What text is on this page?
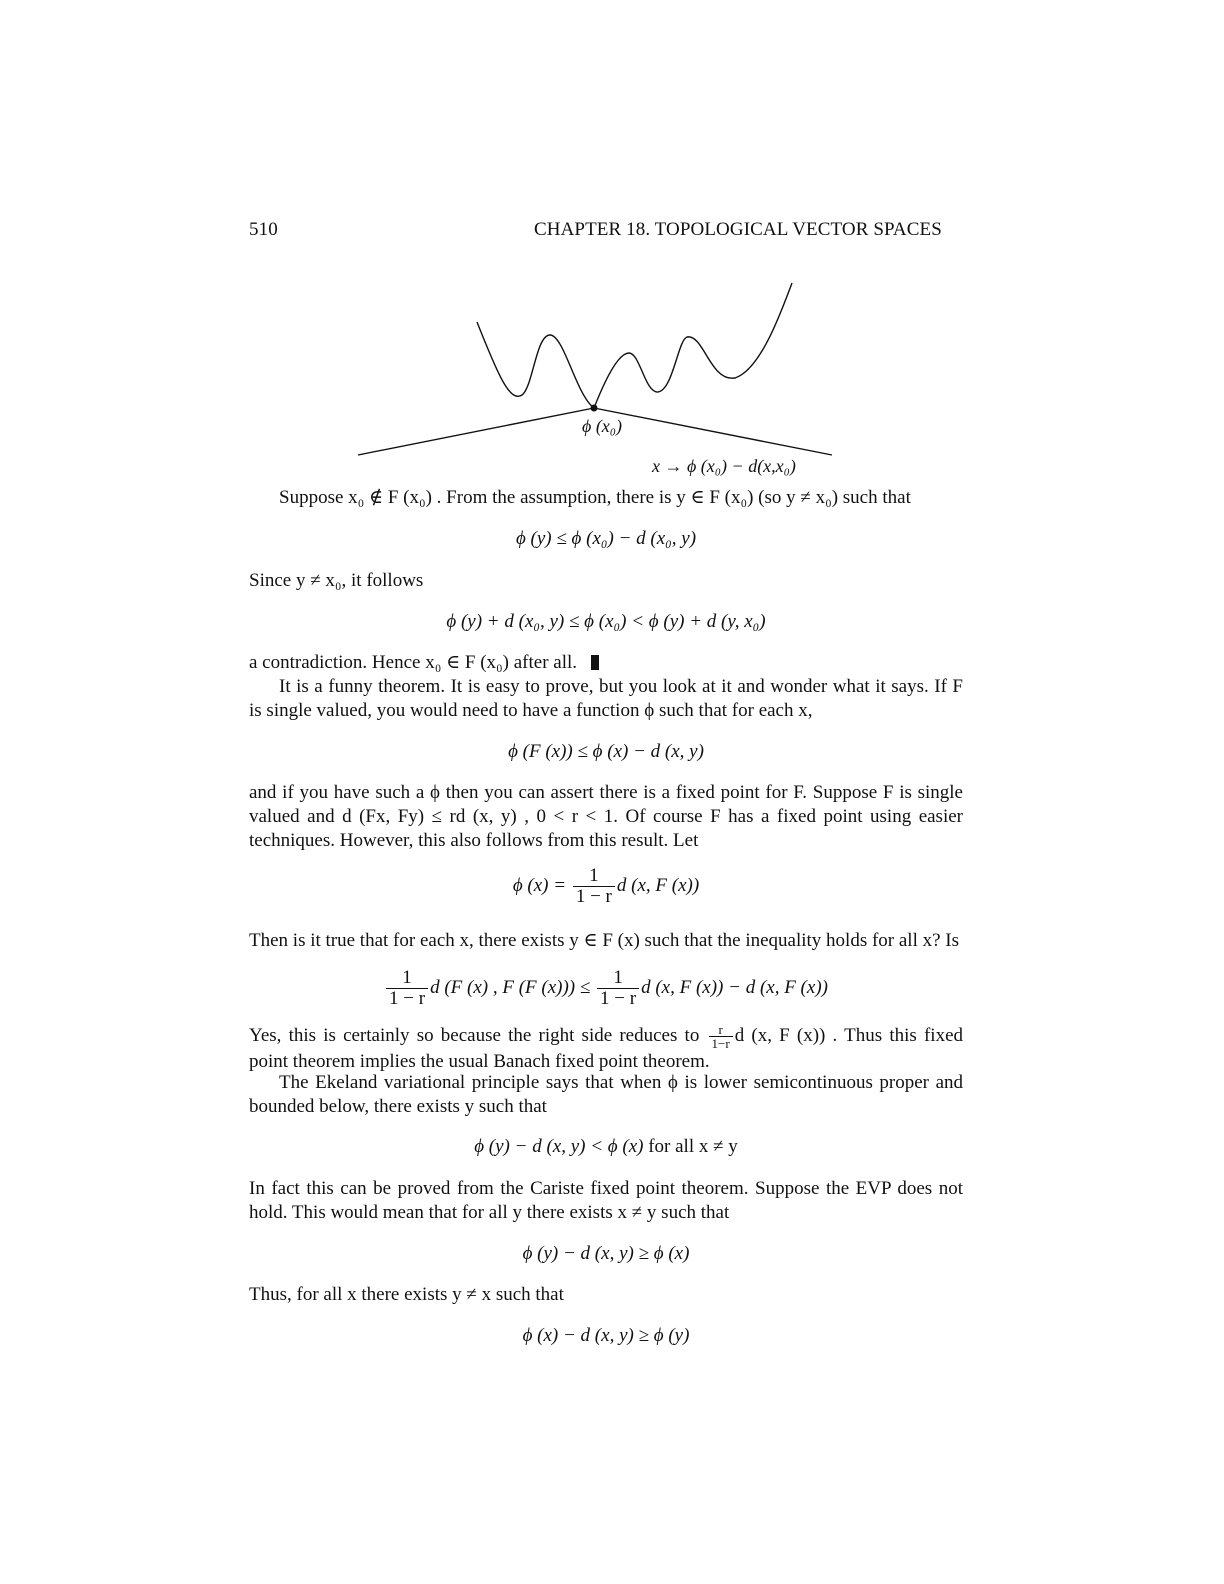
510	CHAPTER 18. TOPOLOGICAL VECTOR SPACES
ϕ (x₀)
x → ϕ (x₀) − d(x,x₀)
Suppose x₀ ∉ F (x₀) . From the assumption, there is y ∈ F (x₀) (so y ≠ x₀) such that
ϕ (y) ≤ ϕ (x₀) − d (x₀, y)
Since y ≠ x₀, it follows
ϕ (y) + d (x₀, y) ≤ ϕ (x₀) < ϕ (y) + d (y, x₀)
a contradiction. Hence x₀ ∈ F (x₀) after all.
It is a funny theorem. It is easy to prove, but you look at it and wonder what it says. If F is single valued, you would need to have a function ϕ such that for each x,
ϕ (F (x)) ≤ ϕ (x) − d (x, y)
and if you have such a ϕ then you can assert there is a fixed point for F. Suppose F is single valued and d (Fx, Fy) ≤ rd (x, y) , 0 < r < 1. Of course F has a fixed point using easier techniques. However, this also follows from this result. Let
ϕ $(x) = \frac{1}{1 - r}$ d (x, F (x))
Then is it true that for each x, there exists y ∈ F (x) such that the inequality holds for all x? Is
$\frac{1}{1 - r}$ d (F (x) , F (F $(x))) \le \frac{1}{1 - r}$ d (x, F (x)) − d (x, F (x))
Yes, this is certainly so because the right side reduces to $\frac{r}{1-r}$ d (x, F (x)) . Thus this fixed point theorem implies the usual Banach fixed point theorem.
The Ekeland variational principle says that when ϕ is lower semicontinuous proper and bounded below, there exists y such that
ϕ (y) − d (x, y) < ϕ (x) for all x ≠ y
In fact this can be proved from the Cariste fixed point theorem. Suppose the EVP does not hold. This would mean that for all y there exists x ≠ y such that
ϕ (y) − d (x, y) ≥ ϕ (x)
Thus, for all x there exists y ≠ x such that
ϕ (x) − d (x, y) ≥ ϕ (y)
